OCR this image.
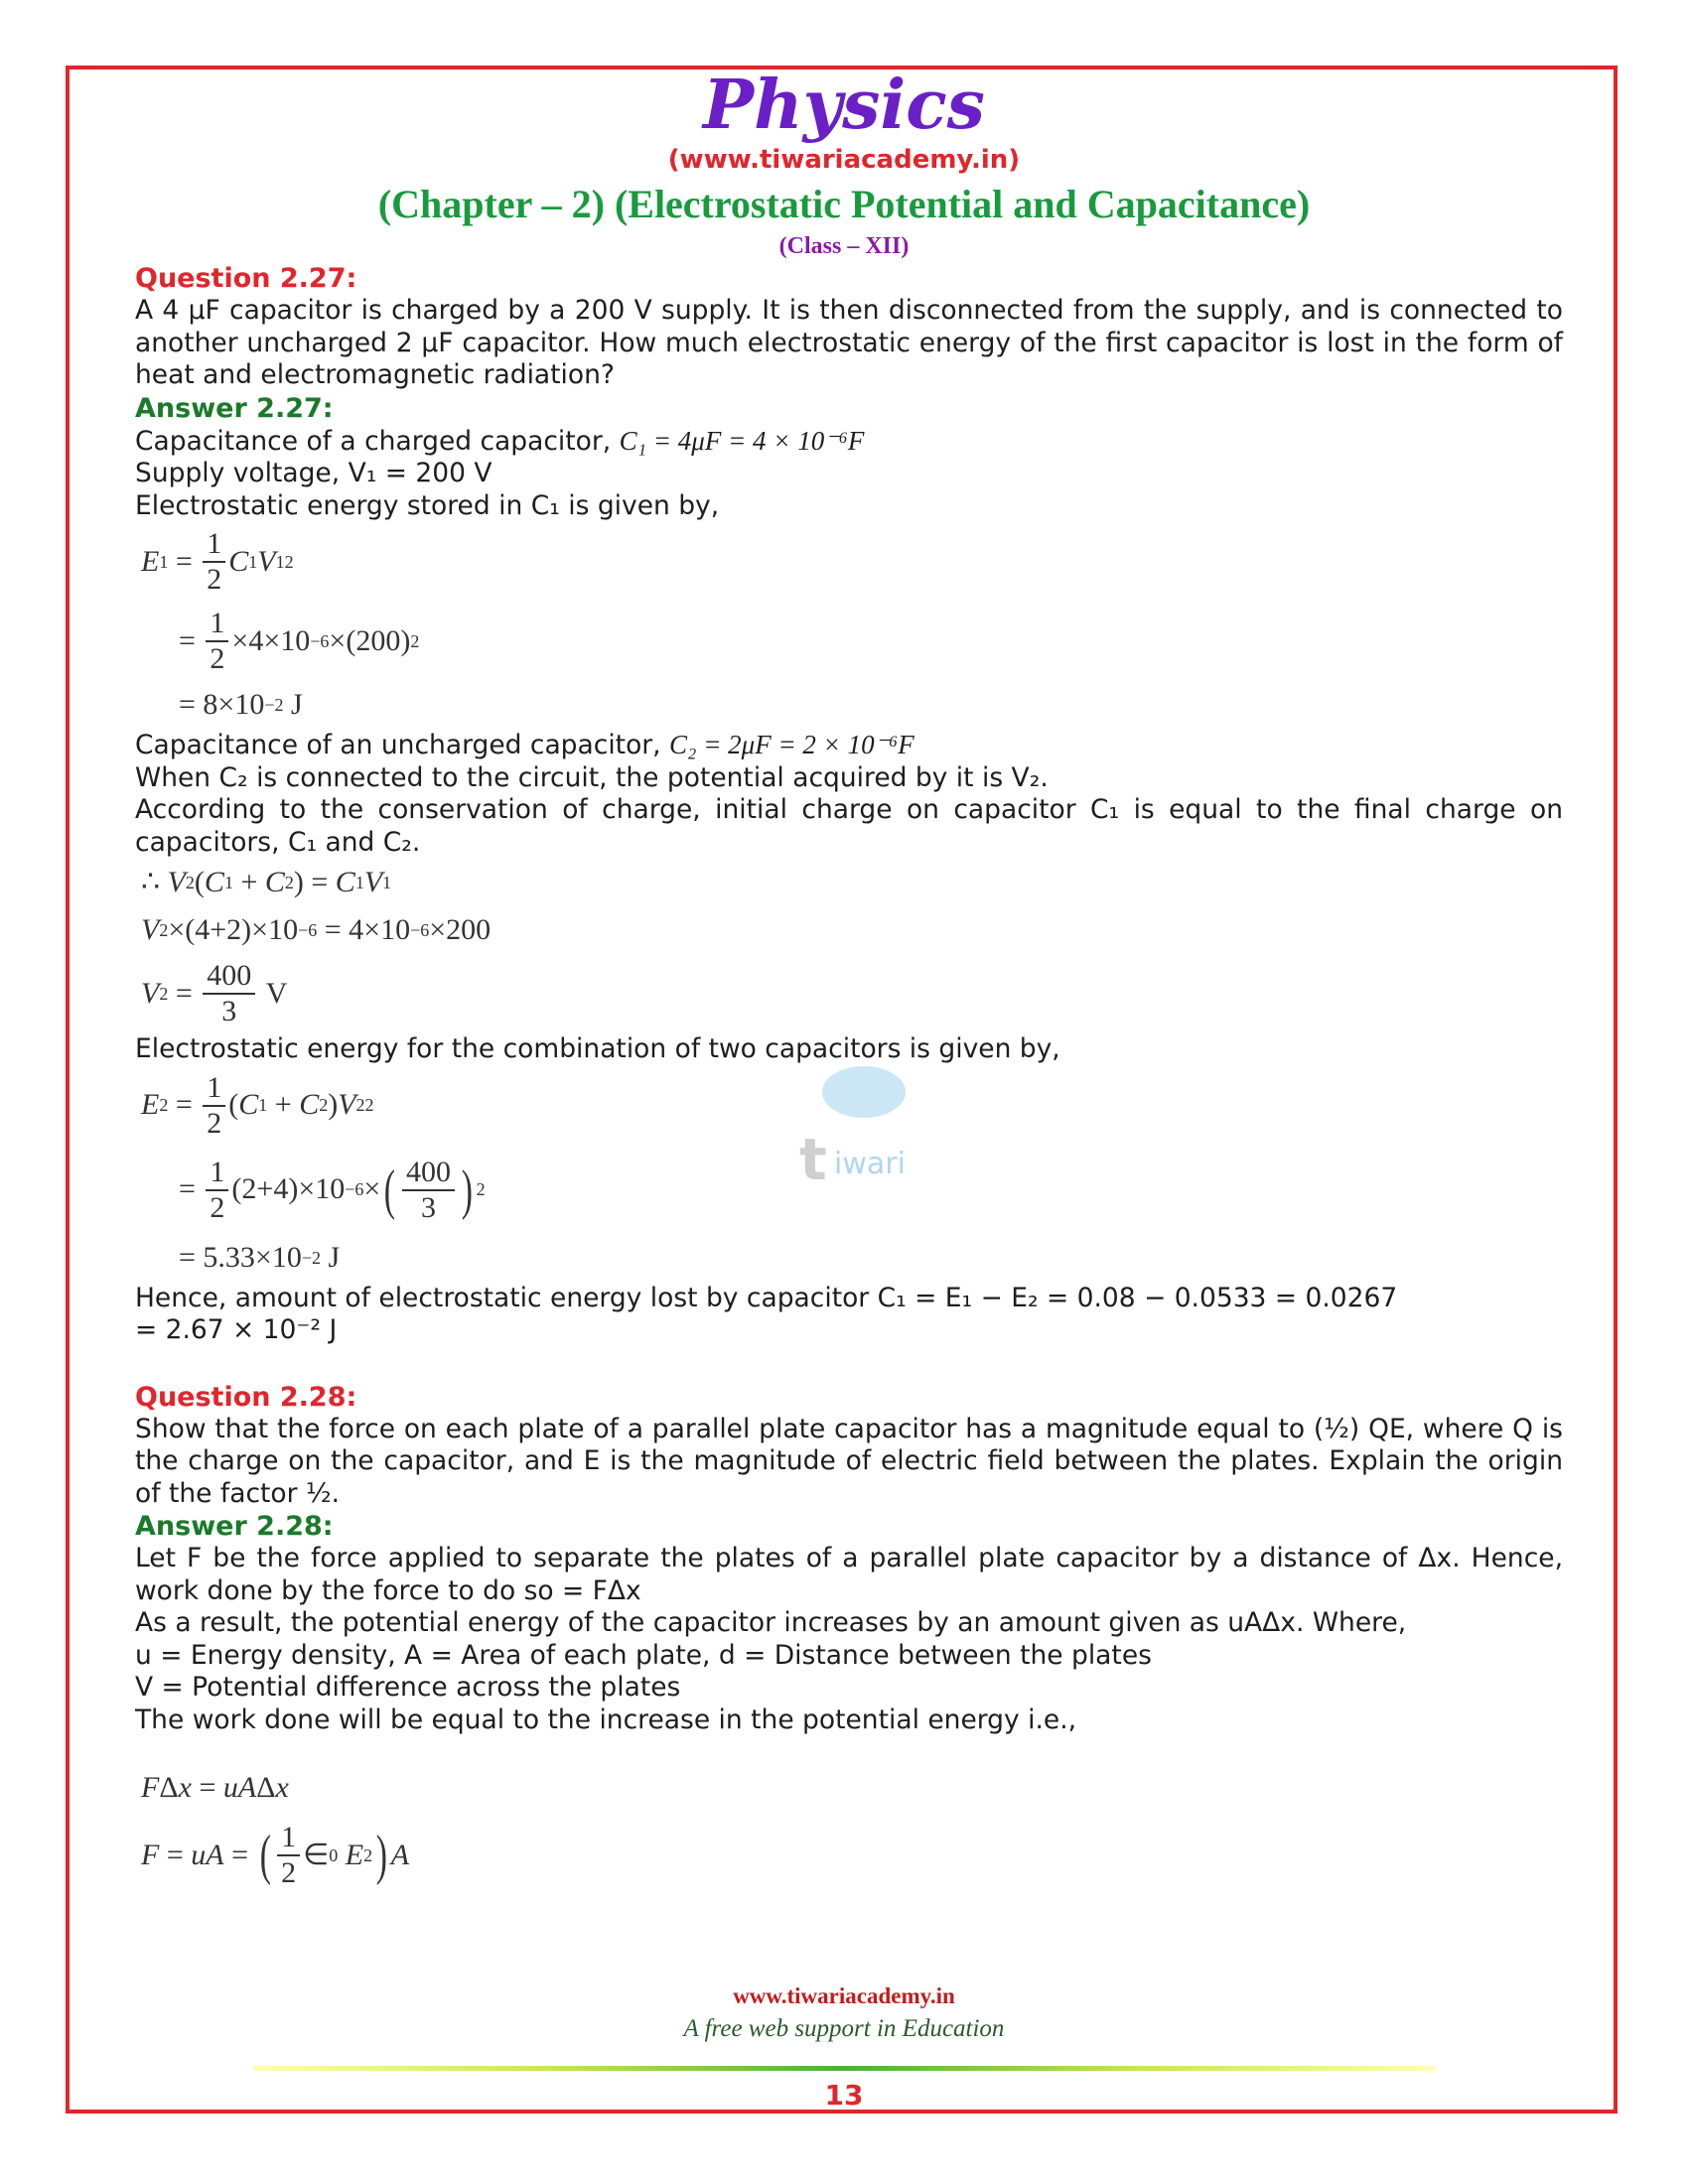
Physics
(www.tiwariacademy.in)
(Chapter – 2) (Electrostatic Potential and Capacitance)
(Class – XII)
t iwari

Question 2.27:

A 4 μF capacitor is charged by a 200 V supply. It is then disconnected from the supply, and is connected to another uncharged 2 μF capacitor. How much electrostatic energy of the first capacitor is lost in the form of heat and electromagnetic radiation?

Answer 2.27:

Capacitance of a charged capacitor, C₁ = 4μF = 4 × 10⁻⁶F

Supply voltage, V₁ = 200 V

Electrostatic energy stored in C₁ is given by,

E $1 = \frac{1}{2}$ C 1 V 1 2
= $\frac{1}{2} \times 4\times 10 -6 \times(200)$ 2
= 8×10 −2 J

Capacitance of an uncharged capacitor, C₂ = 2μF = 2 × 10⁻⁶F

When C₂ is connected to the circuit, the potential acquired by it is V₂.

According to the conservation of charge, initial charge on capacitor C₁ is equal to the final charge on capacitors, C₁ and C₂.

∴ V 2 ( C 1 + C 2 ) = C 1 V 1
V 2 ×(4+2)×10 −6 = 4×10 −6 ×200
V $2 = \frac{400}{3}$ V

Electrostatic energy for the combination of two capacitors is given by,

E $2 = \frac{1}{2}$ ( C 1 + C 2 ) V 2 2
= $\frac{1}{2} (2+4)\times 10 -6$ × ( $\frac{400}{3}$ ) 2
= 5.33×10 −2 J

Hence, amount of electrostatic energy lost by capacitor C₁ = E₁ − E₂ = 0.08 − 0.0533 = 0.0267

= 2.67 × 10⁻² J

Question 2.28:

Show that the force on each plate of a parallel plate capacitor has a magnitude equal to (½) QE, where Q is the charge on the capacitor, and E is the magnitude of electric field between the plates. Explain the origin of the factor ½.

Answer 2.28:

Let F be the force applied to separate the plates of a parallel plate capacitor by a distance of Δx. Hence, work done by the force to do so = FΔx

As a result, the potential energy of the capacitor increases by an amount given as uAΔx. Where,

u = Energy density, A = Area of each plate, d = Distance between the plates

V = Potential difference across the plates

The work done will be equal to the increase in the potential energy i.e.,

F Δ x = u A Δ x
F = u A = ( $\frac{1}{2}$ ∈ 0
E 2 ) A
www.tiwariacademy.in
A free web support in Education
13
